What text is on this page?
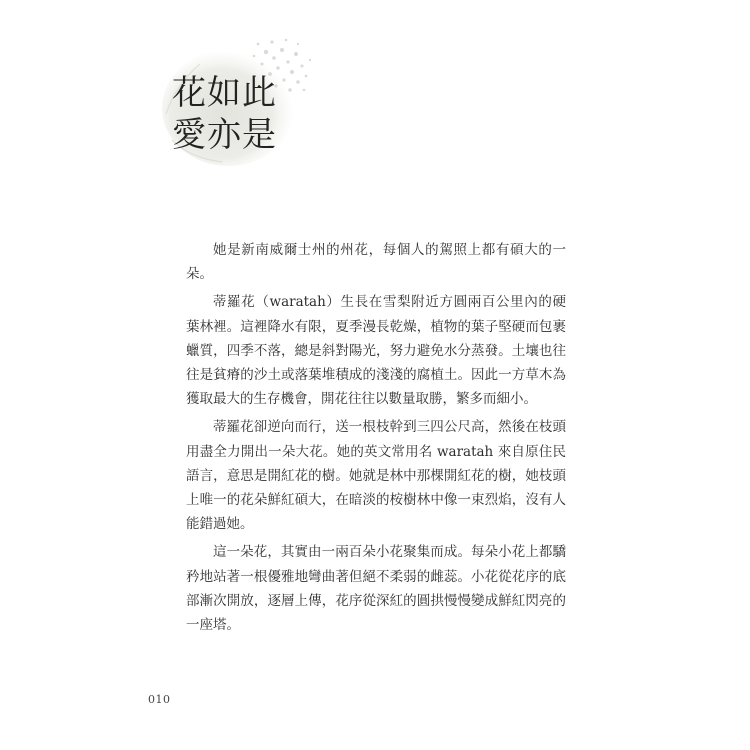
花如此
愛亦是

她是新南威爾士州的州花，每個人的駕照上都有碩大的一朵。

蒂羅花（waratah）生長在雪梨附近方圓兩百公里內的硬葉林裡。這裡降水有限，夏季漫長乾燥，植物的葉子堅硬而包裹蠟質，四季不落，總是斜對陽光，努力避免水分蒸發。土壤也往往是貧瘠的沙土或落葉堆積成的淺淺的腐植土。因此一方草木為獲取最大的生存機會，開花往往以數量取勝，繁多而細小。

蒂羅花卻逆向而行，送一根枝幹到三四公尺高，然後在枝頭用盡全力開出一朵大花。她的英文常用名 waratah 來自原住民語言，意思是開紅花的樹。她就是林中那棵開紅花的樹，她枝頭上唯一的花朵鮮紅碩大，在暗淡的桉樹林中像一束烈焰，沒有人能錯過她。

這一朵花，其實由一兩百朵小花聚集而成。每朵小花上都驕矜地站著一根優雅地彎曲著但絕不柔弱的雌蕊。小花從花序的底部漸次開放，逐層上傳，花序從深紅的圓拱慢慢變成鮮紅閃亮的一座塔。

010
